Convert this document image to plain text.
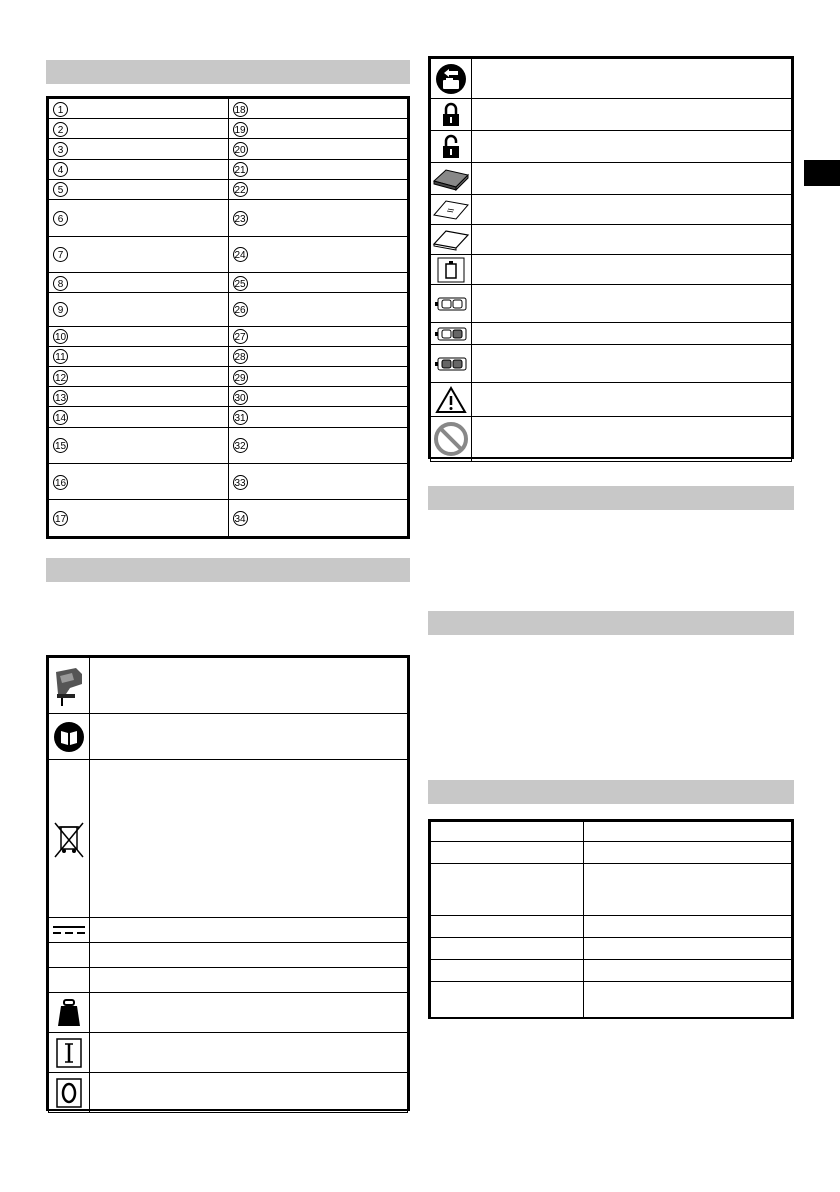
1	18
2	19
3	20
4	21
5	22
6	23
7	24
8	25
9	26
10	27
11	28
12	29
13	30
14	31
15	32
16	33
17	34
